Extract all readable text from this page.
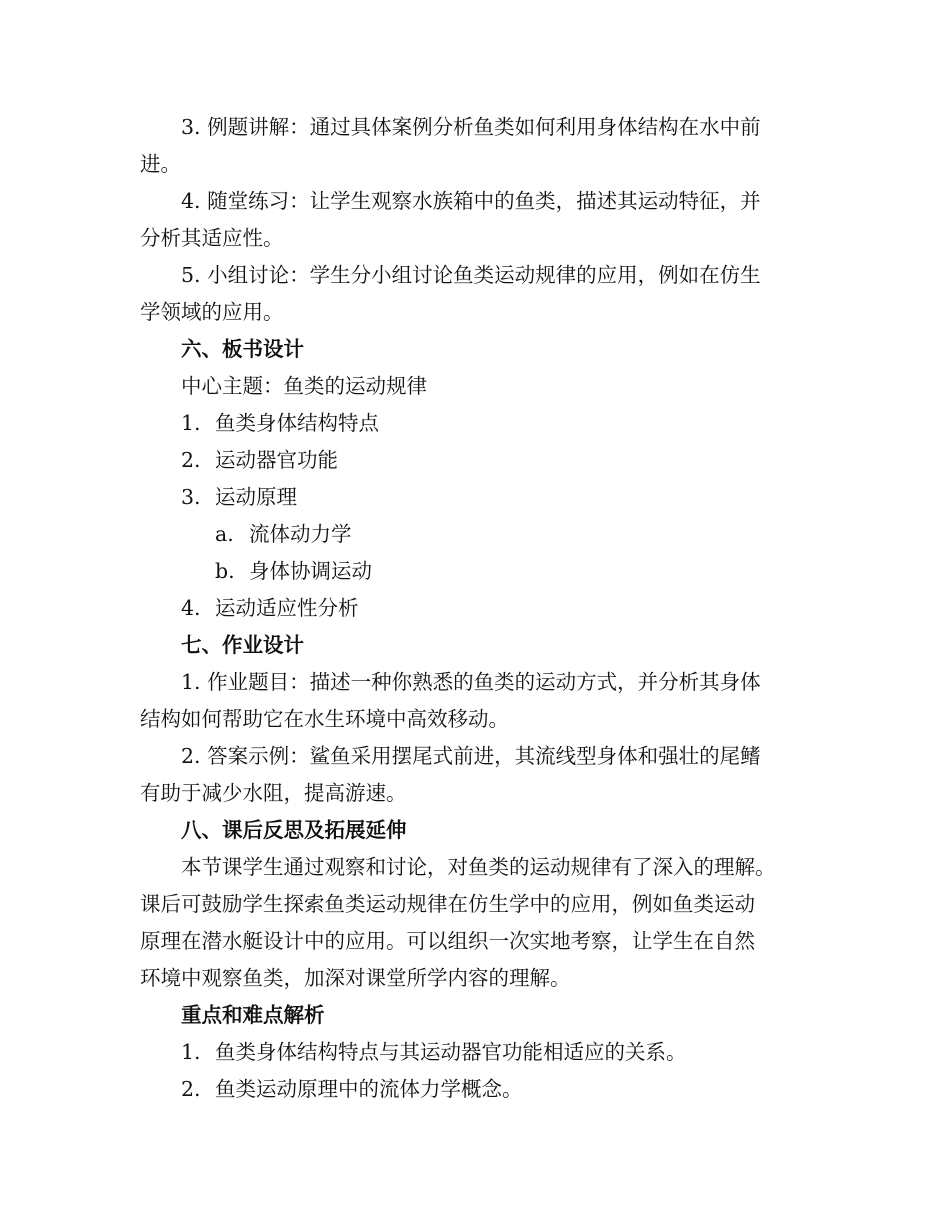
3. 例题讲解：通过具体案例分析鱼类如何利用身体结构在水中前
进。
4. 随堂练习：让学生观察水族箱中的鱼类，描述其运动特征，并
分析其适应性。
5. 小组讨论：学生分小组讨论鱼类运动规律的应用，例如在仿生
学领域的应用。
六、板书设计
中心主题：鱼类的运动规律
1. 鱼类身体结构特点
2. 运动器官功能
3. 运动原理
a. 流体动力学
b. 身体协调运动
4. 运动适应性分析
七、作业设计
1. 作业题目：描述一种你熟悉的鱼类的运动方式，并分析其身体
结构如何帮助它在水生环境中高效移动。
2. 答案示例：鲨鱼采用摆尾式前进，其流线型身体和强壮的尾鳍
有助于减少水阻，提高游速。
八、课后反思及拓展延伸
本节课学生通过观察和讨论，对鱼类的运动规律有了深入的理解。
课后可鼓励学生探索鱼类运动规律在仿生学中的应用，例如鱼类运动
原理在潜水艇设计中的应用。可以组织一次实地考察，让学生在自然
环境中观察鱼类，加深对课堂所学内容的理解。
重点和难点解析
1. 鱼类身体结构特点与其运动器官功能相适应的关系。
2. 鱼类运动原理中的流体力学概念。
